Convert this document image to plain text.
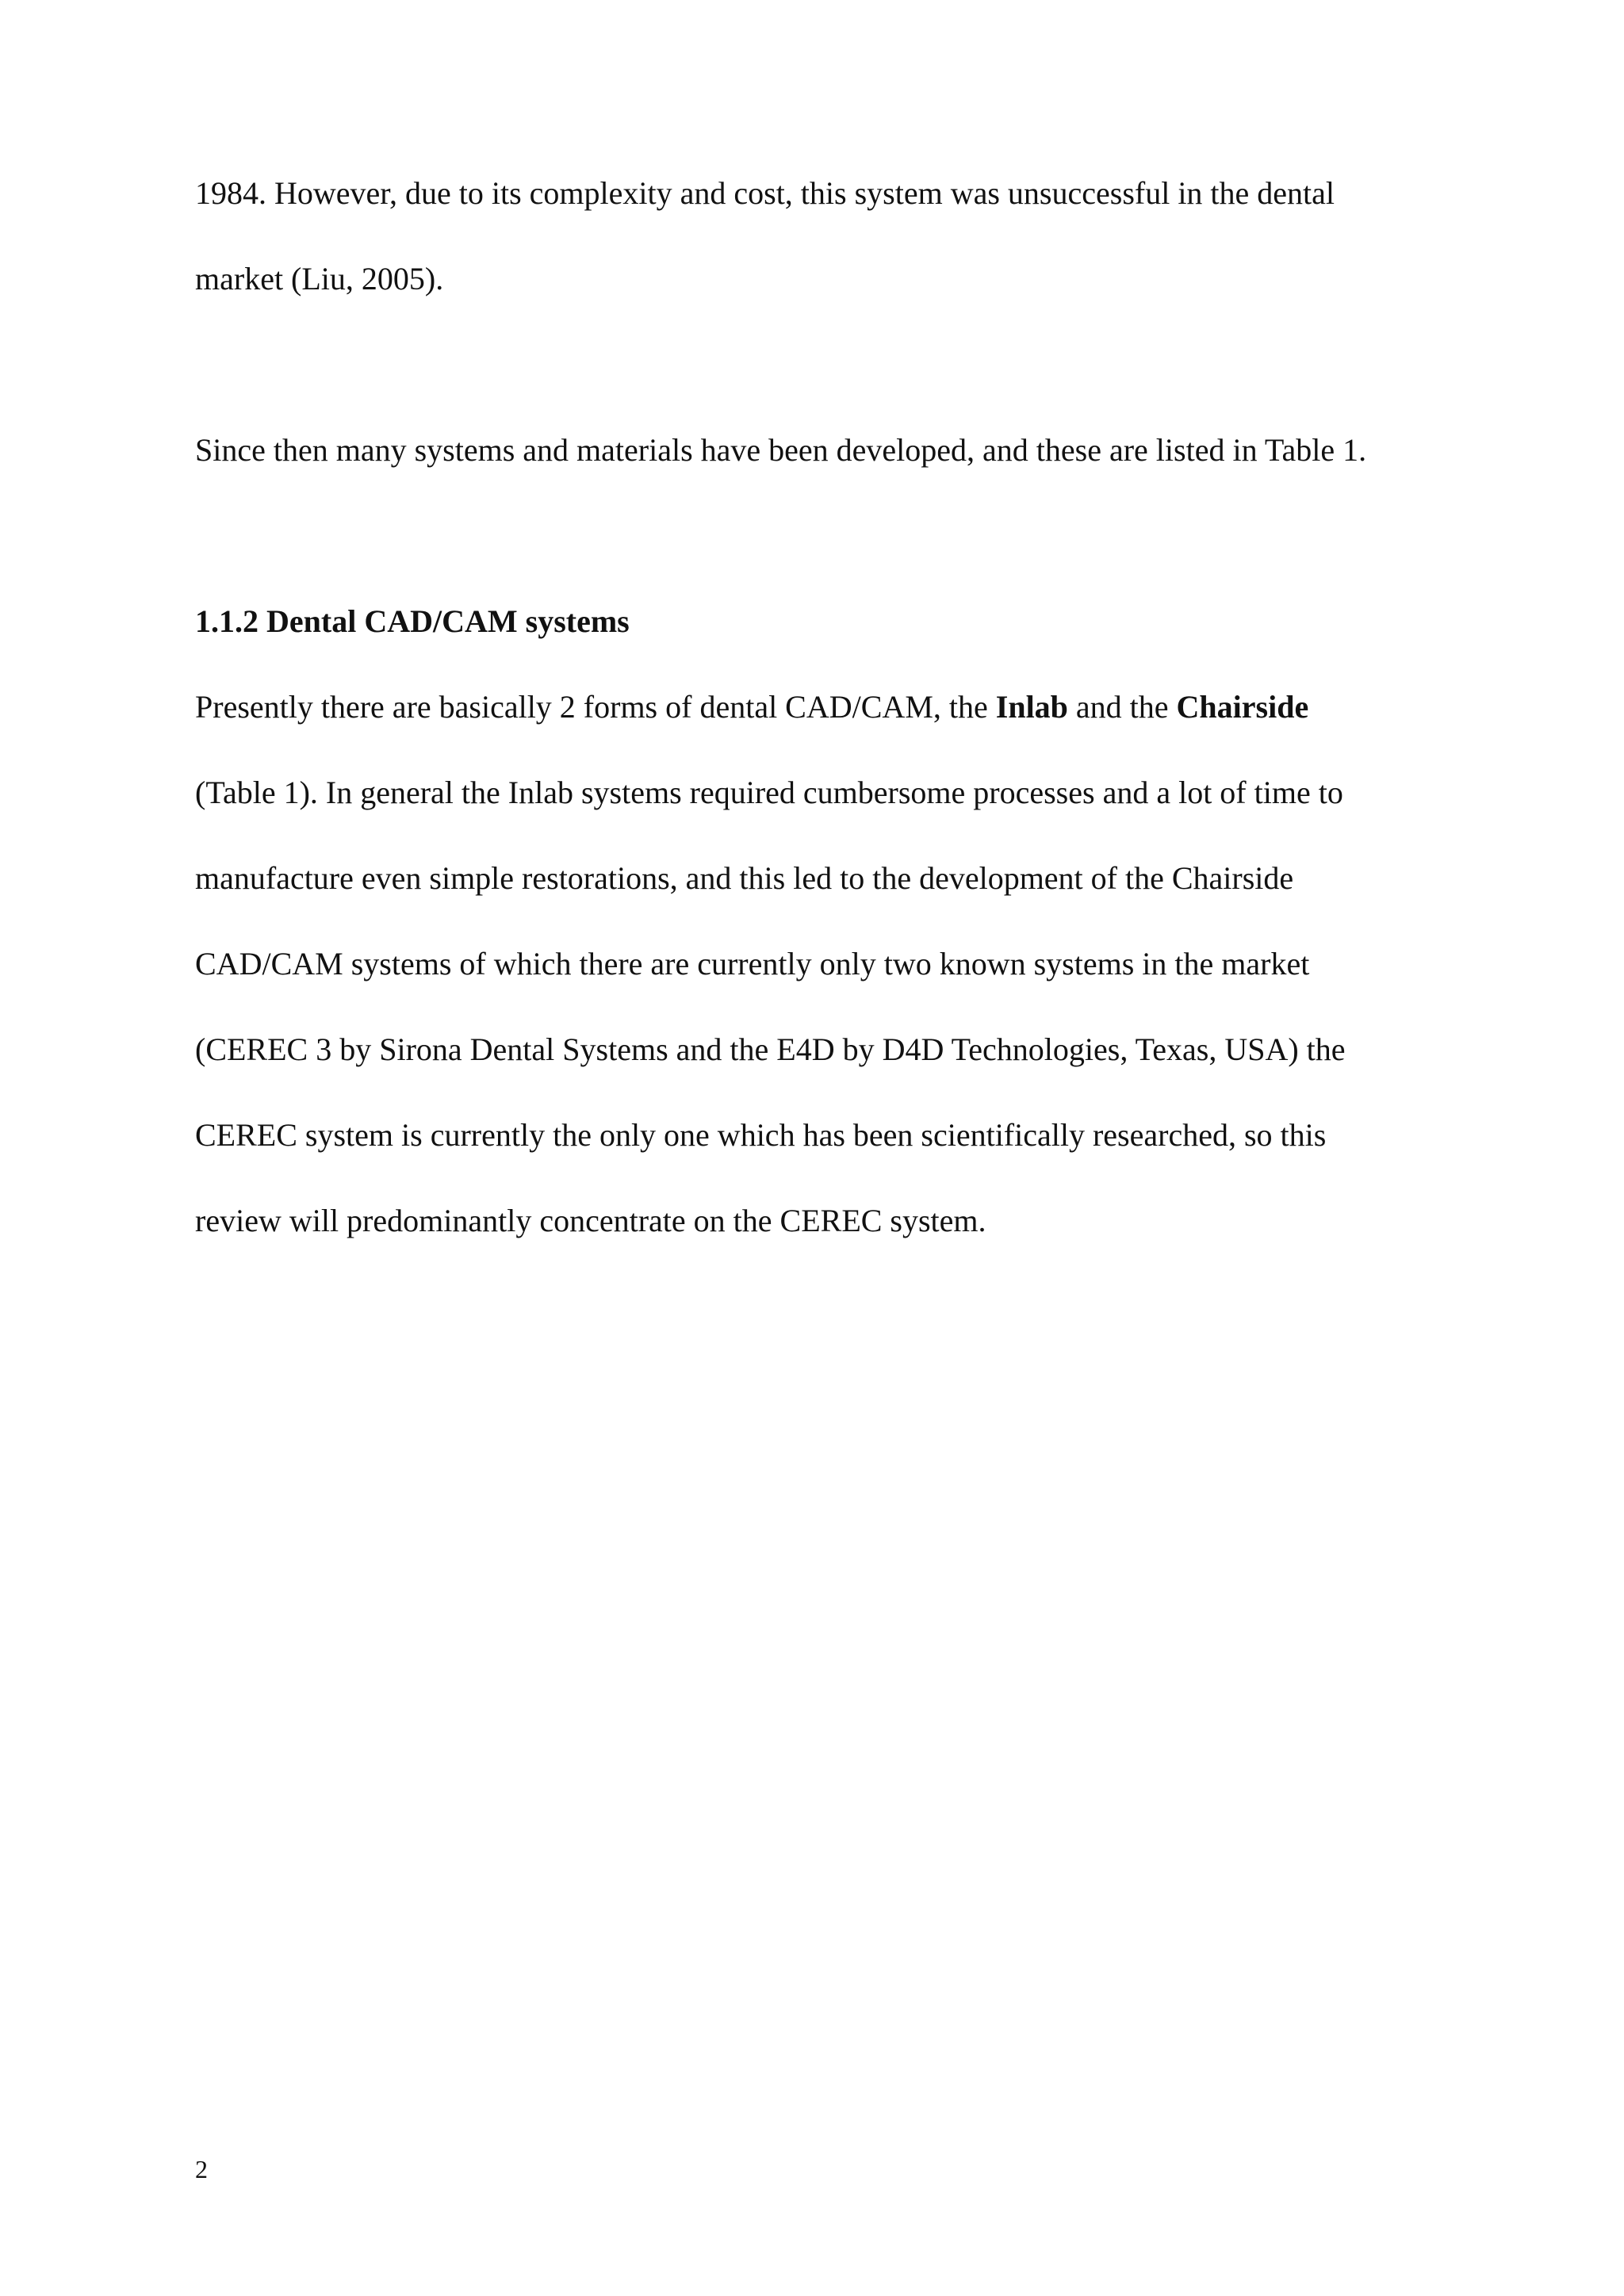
1984. However, due to its complexity and cost, this system was unsuccessful in the dental

market (Liu, 2005).

Since then many systems and materials have been developed, and these are listed in Table 1.

1.1.2 Dental CAD/CAM systems

Presently there are basically 2 forms of dental CAD/CAM, the Inlab and the Chairside

(Table 1). In general the Inlab systems required cumbersome processes and a lot of time to

manufacture even simple restorations, and this led to the development of the Chairside

CAD/CAM systems of which there are currently only two known systems in the market

(CEREC 3 by Sirona Dental Systems and the E4D by D4D Technologies, Texas, USA) the

CEREC system is currently the only one which has been scientifically researched, so this

review will predominantly concentrate on the CEREC system.

2
